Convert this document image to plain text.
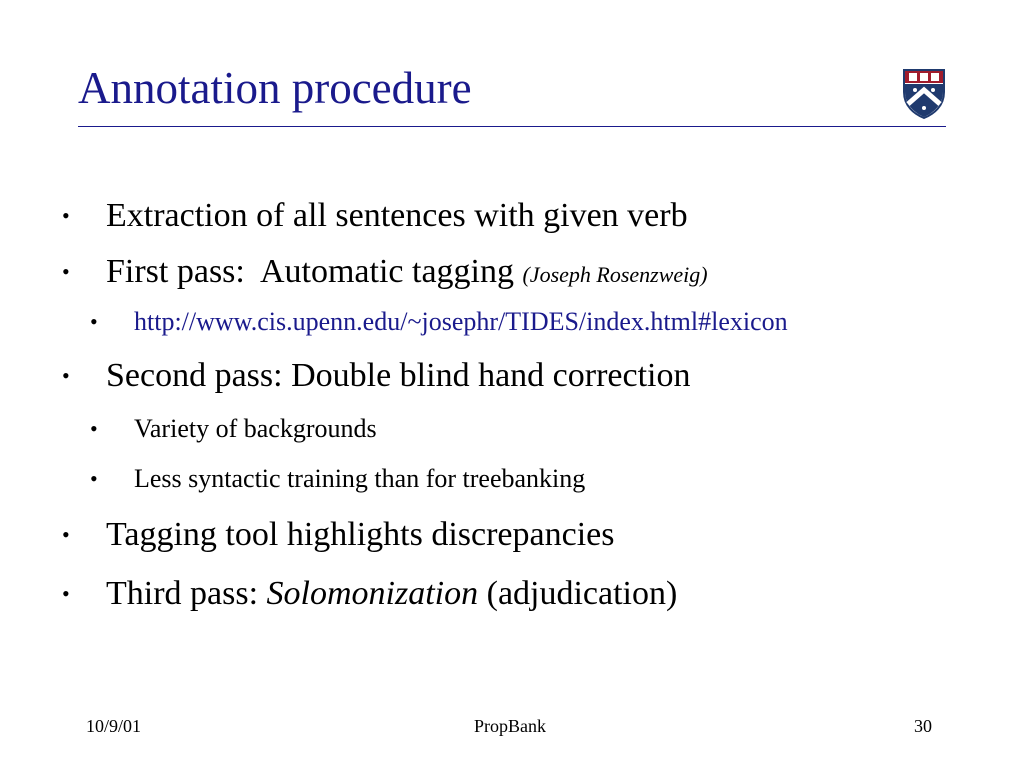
Annotation procedure
• Extraction of all sentences with given verb
• First pass:  Automatic tagging (Joseph Rosenzweig)
• http://www.cis.upenn.edu/~josephr/TIDES/index.html#lexicon
• Second pass: Double blind hand correction
• Variety of backgrounds
• Less syntactic training than for treebanking
• Tagging tool highlights discrepancies
• Third pass: Solomonization (adjudication)
10/9/01	PropBank	30
